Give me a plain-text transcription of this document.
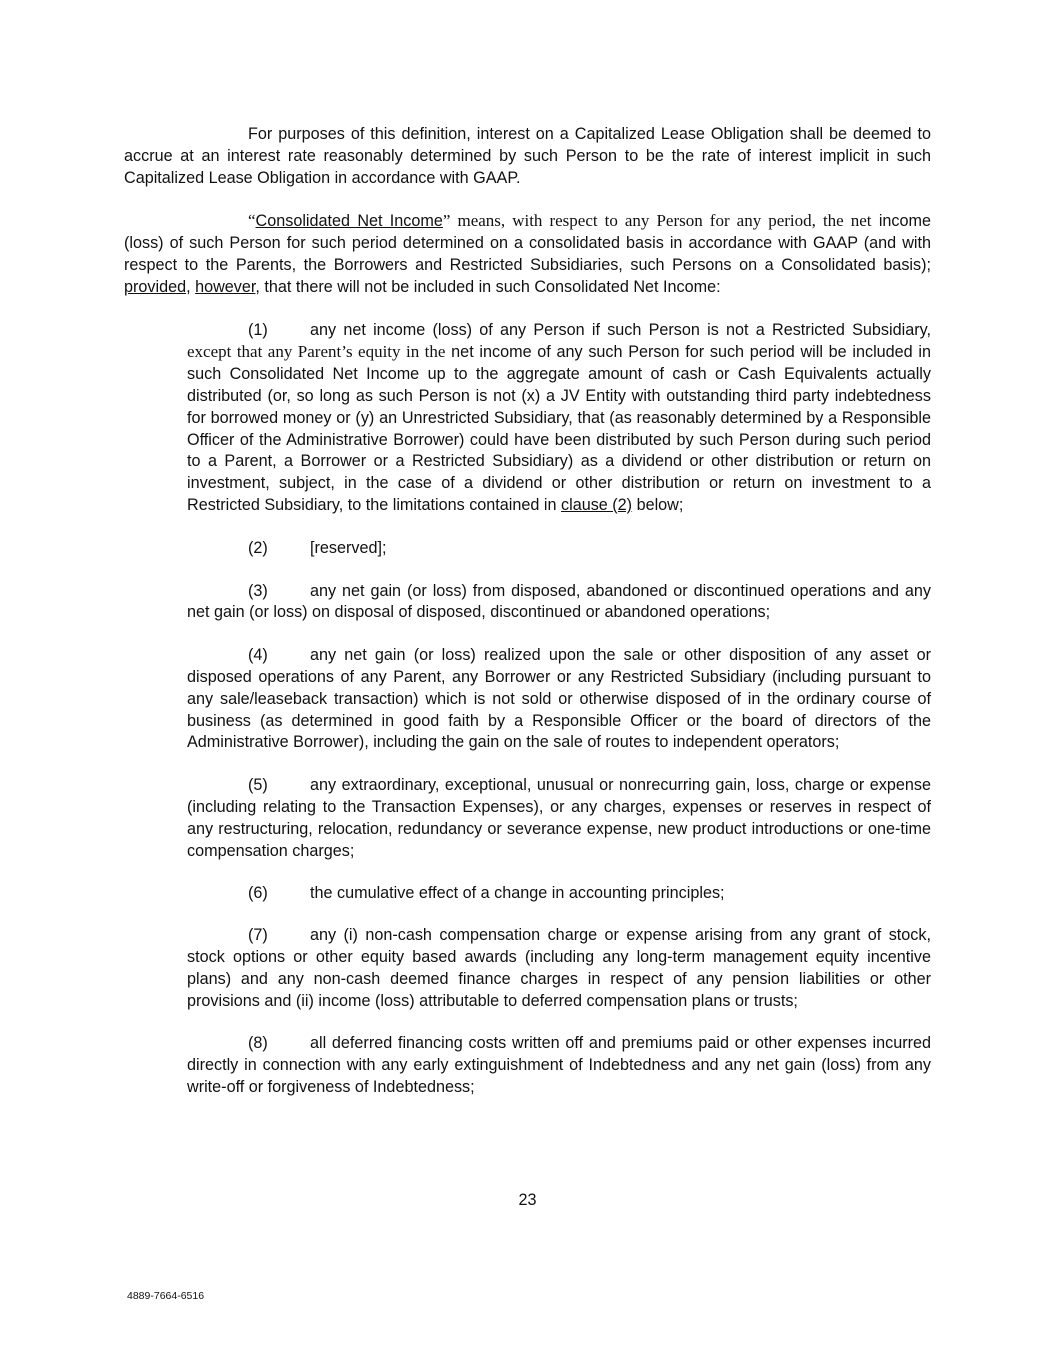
For purposes of this definition, interest on a Capitalized Lease Obligation shall be deemed to accrue at an interest rate reasonably determined by such Person to be the rate of interest implicit in such Capitalized Lease Obligation in accordance with GAAP.

“Consolidated Net Income” means, with respect to any Person for any period, the net income (loss) of such Person for such period determined on a consolidated basis in accordance with GAAP (and with respect to the Parents, the Borrowers and Restricted Subsidiaries, such Persons on a Consolidated basis); provided, however, that there will not be included in such Consolidated Net Income:

(1)	any net income (loss) of any Person if such Person is not a Restricted Subsidiary, except that any Parent’s equity in the net income of any such Person for such period will be included in such Consolidated Net Income up to the aggregate amount of cash or Cash Equivalents actually distributed (or, so long as such Person is not (x) a JV Entity with outstanding third party indebtedness for borrowed money or (y) an Unrestricted Subsidiary, that (as reasonably determined by a Responsible Officer of the Administrative Borrower) could have been distributed by such Person during such period to a Parent, a Borrower or a Restricted Subsidiary) as a dividend or other distribution or return on investment, subject, in the case of a dividend or other distribution or return on investment to a Restricted Subsidiary, to the limitations contained in clause (2) below;

(2)	[reserved];

(3)	any net gain (or loss) from disposed, abandoned or discontinued operations and any net gain (or loss) on disposal of disposed, discontinued or abandoned operations;

(4)	any net gain (or loss) realized upon the sale or other disposition of any asset or disposed operations of any Parent, any Borrower or any Restricted Subsidiary (including pursuant to any sale/leaseback transaction) which is not sold or otherwise disposed of in the ordinary course of business (as determined in good faith by a Responsible Officer or the board of directors of the Administrative Borrower), including the gain on the sale of routes to independent operators;

(5)	any extraordinary, exceptional, unusual or nonrecurring gain, loss, charge or expense (including relating to the Transaction Expenses), or any charges, expenses or reserves in respect of any restructuring, relocation, redundancy or severance expense, new product introductions or one-time compensation charges;

(6)	the cumulative effect of a change in accounting principles;

(7)	any (i) non-cash compensation charge or expense arising from any grant of stock, stock options or other equity based awards (including any long-term management equity incentive plans) and any non-cash deemed finance charges in respect of any pension liabilities or other provisions and (ii) income (loss) attributable to deferred compensation plans or trusts;

(8)	all deferred financing costs written off and premiums paid or other expenses incurred directly in connection with any early extinguishment of Indebtedness and any net gain (loss) from any write-off or forgiveness of Indebtedness;

23
4889-7664-6516
